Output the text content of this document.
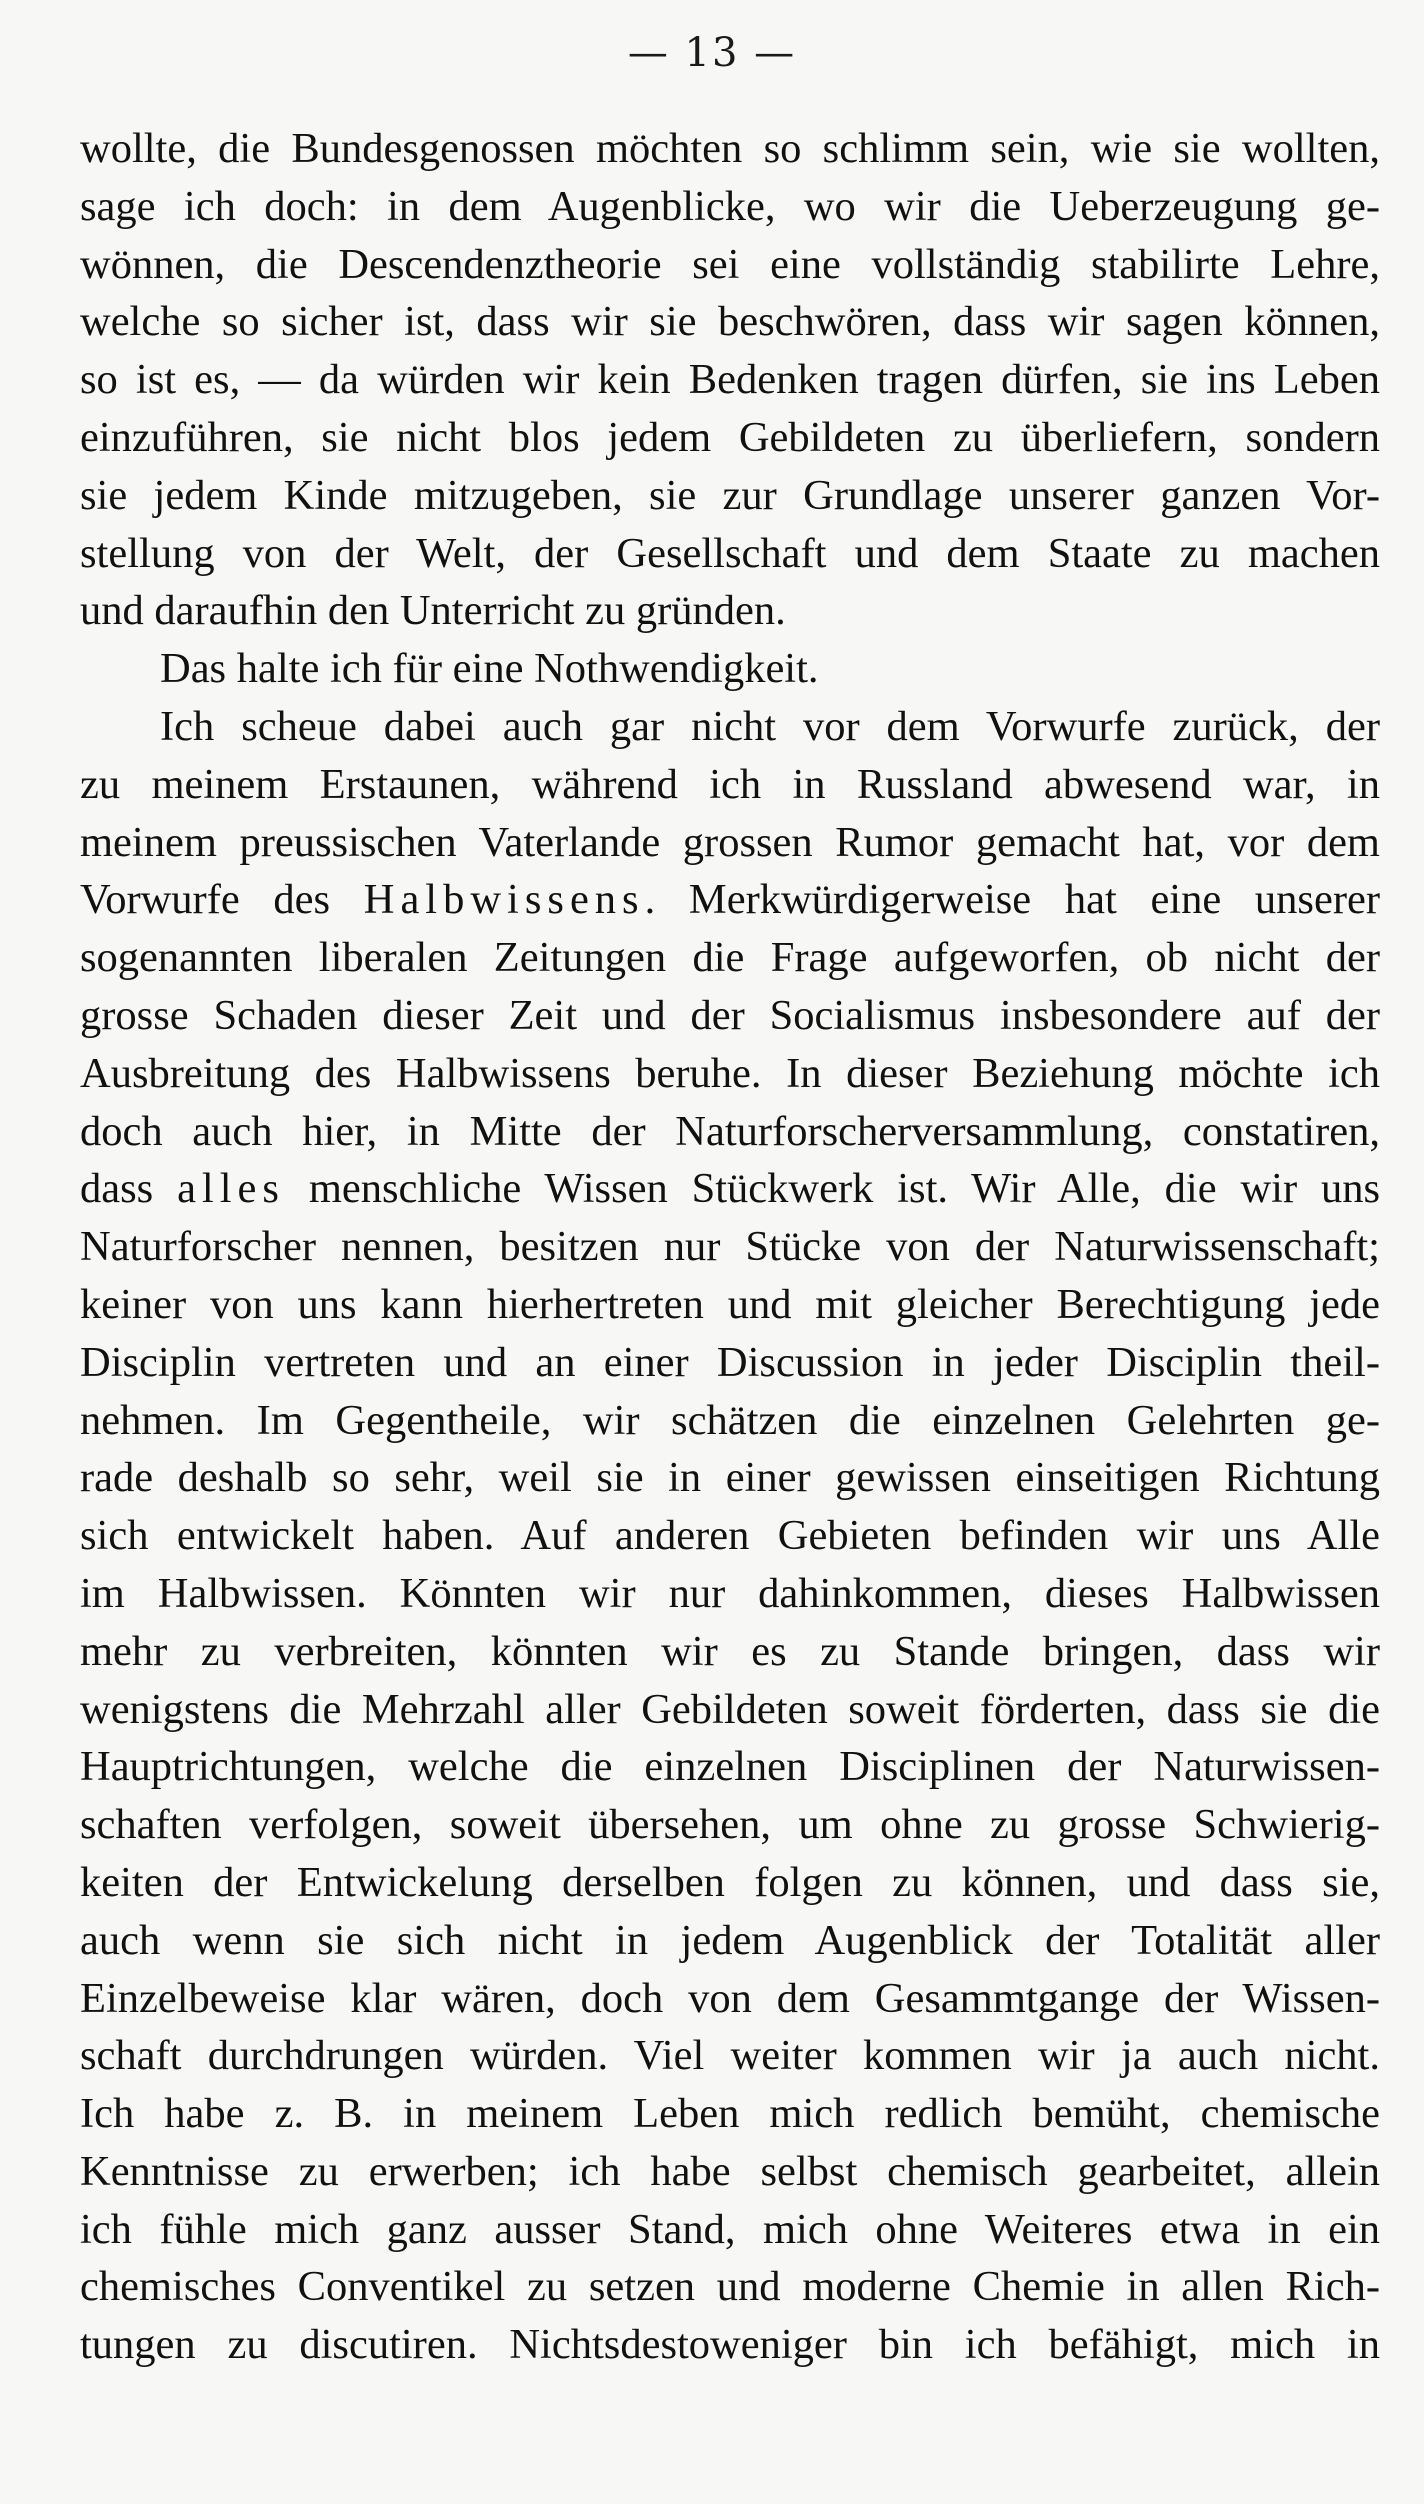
— 13 —
wollte, die Bundesgenossen möchten so schlimm sein, wie sie wollten,
sage ich doch: in dem Augenblicke, wo wir die Ueberzeugung ge-
wönnen, die Descendenztheorie sei eine vollständig stabilirte Lehre,
welche so sicher ist, dass wir sie beschwören, dass wir sagen können,
so ist es, — da würden wir kein Bedenken tragen dürfen, sie ins Leben
einzuführen, sie nicht blos jedem Gebildeten zu überliefern, sondern
sie jedem Kinde mitzugeben, sie zur Grundlage unserer ganzen Vor-
stellung von der Welt, der Gesellschaft und dem Staate zu machen
und daraufhin den Unterricht zu gründen.
Das halte ich für eine Nothwendigkeit.
Ich scheue dabei auch gar nicht vor dem Vorwurfe zurück, der
zu meinem Erstaunen, während ich in Russland abwesend war, in
meinem preussischen Vaterlande grossen Rumor gemacht hat, vor dem
Vorwurfe des Halbwissens. Merkwürdigerweise hat eine unserer
sogenannten liberalen Zeitungen die Frage aufgeworfen, ob nicht der
grosse Schaden dieser Zeit und der Socialismus insbesondere auf der
Ausbreitung des Halbwissens beruhe. In dieser Beziehung möchte ich
doch auch hier, in Mitte der Naturforscherversammlung, constatiren,
dass alles menschliche Wissen Stückwerk ist. Wir Alle, die wir uns
Naturforscher nennen, besitzen nur Stücke von der Naturwissenschaft;
keiner von uns kann hierhertreten und mit gleicher Berechtigung jede
Disciplin vertreten und an einer Discussion in jeder Disciplin theil-
nehmen. Im Gegentheile, wir schätzen die einzelnen Gelehrten ge-
rade deshalb so sehr, weil sie in einer gewissen einseitigen Richtung
sich entwickelt haben. Auf anderen Gebieten befinden wir uns Alle
im Halbwissen. Könnten wir nur dahinkommen, dieses Halbwissen
mehr zu verbreiten, könnten wir es zu Stande bringen, dass wir
wenigstens die Mehrzahl aller Gebildeten soweit förderten, dass sie die
Hauptrichtungen, welche die einzelnen Disciplinen der Naturwissen-
schaften verfolgen, soweit übersehen, um ohne zu grosse Schwierig-
keiten der Entwickelung derselben folgen zu können, und dass sie,
auch wenn sie sich nicht in jedem Augenblick der Totalität aller
Einzelbeweise klar wären, doch von dem Gesammtgange der Wissen-
schaft durchdrungen würden. Viel weiter kommen wir ja auch nicht.
Ich habe z. B. in meinem Leben mich redlich bemüht, chemische
Kenntnisse zu erwerben; ich habe selbst chemisch gearbeitet, allein
ich fühle mich ganz ausser Stand, mich ohne Weiteres etwa in ein
chemisches Conventikel zu setzen und moderne Chemie in allen Rich-
tungen zu discutiren. Nichtsdestoweniger bin ich befähigt, mich in
